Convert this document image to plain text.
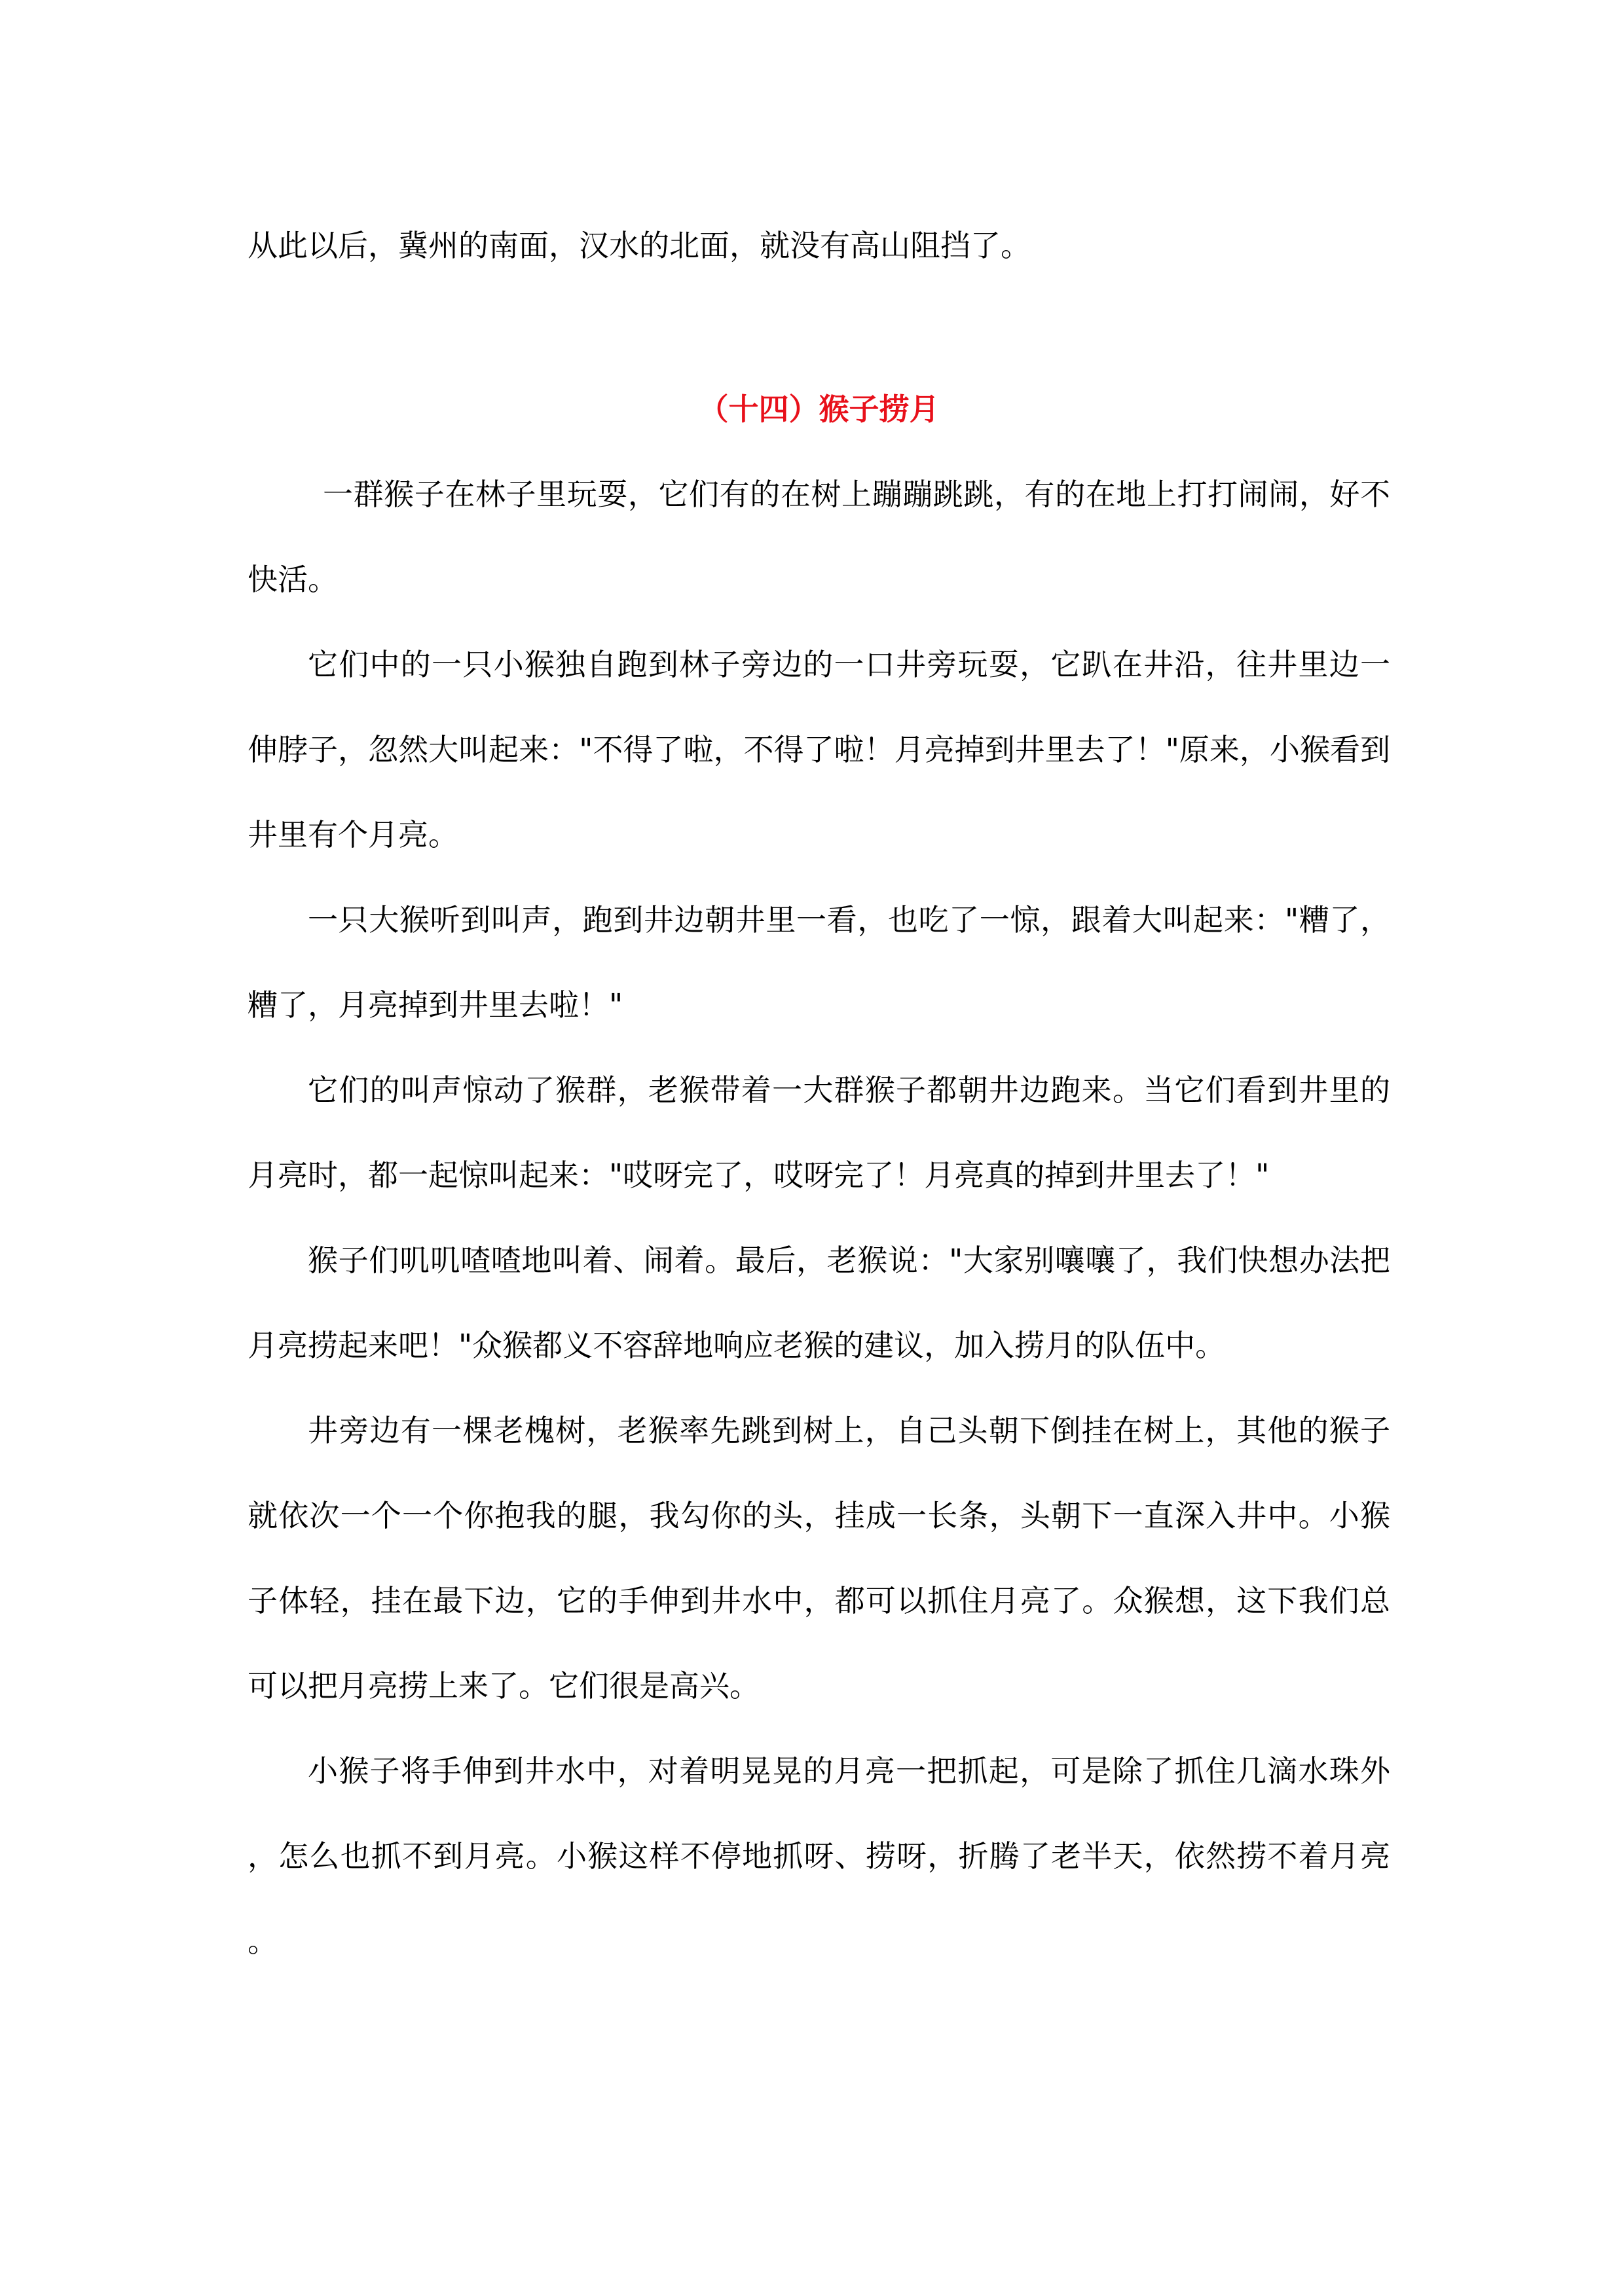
从此以后，冀州的南面，汉水的北面，就没有高山阻挡了。

（十四）猴子捞月

一群猴子在林子里玩耍，它们有的在树上蹦蹦跳跳，有的在地上打打闹闹，好不快活。

它们中的一只小猴独自跑到林子旁边的一口井旁玩耍，它趴在井沿，往井里边一伸脖子，忽然大叫起来："不得了啦，不得了啦！月亮掉到井里去了！"原来，小猴看到井里有个月亮。

一只大猴听到叫声，跑到井边朝井里一看，也吃了一惊，跟着大叫起来："糟了，糟了，月亮掉到井里去啦！"

它们的叫声惊动了猴群，老猴带着一大群猴子都朝井边跑来。当它们看到井里的月亮时，都一起惊叫起来："哎呀完了，哎呀完了！月亮真的掉到井里去了！"

猴子们叽叽喳喳地叫着、闹着。最后，老猴说："大家别嚷嚷了，我们快想办法把月亮捞起来吧！"众猴都义不容辞地响应老猴的建议，加入捞月的队伍中。

井旁边有一棵老槐树，老猴率先跳到树上，自己头朝下倒挂在树上，其他的猴子就依次一个一个你抱我的腿，我勾你的头，挂成一长条，头朝下一直深入井中。小猴子体轻，挂在最下边，它的手伸到井水中，都可以抓住月亮了。众猴想，这下我们总可以把月亮捞上来了。它们很是高兴。

小猴子将手伸到井水中，对着明晃晃的月亮一把抓起，可是除了抓住几滴水珠外，怎么也抓不到月亮。小猴这样不停地抓呀、捞呀，折腾了老半天，依然捞不着月亮。
